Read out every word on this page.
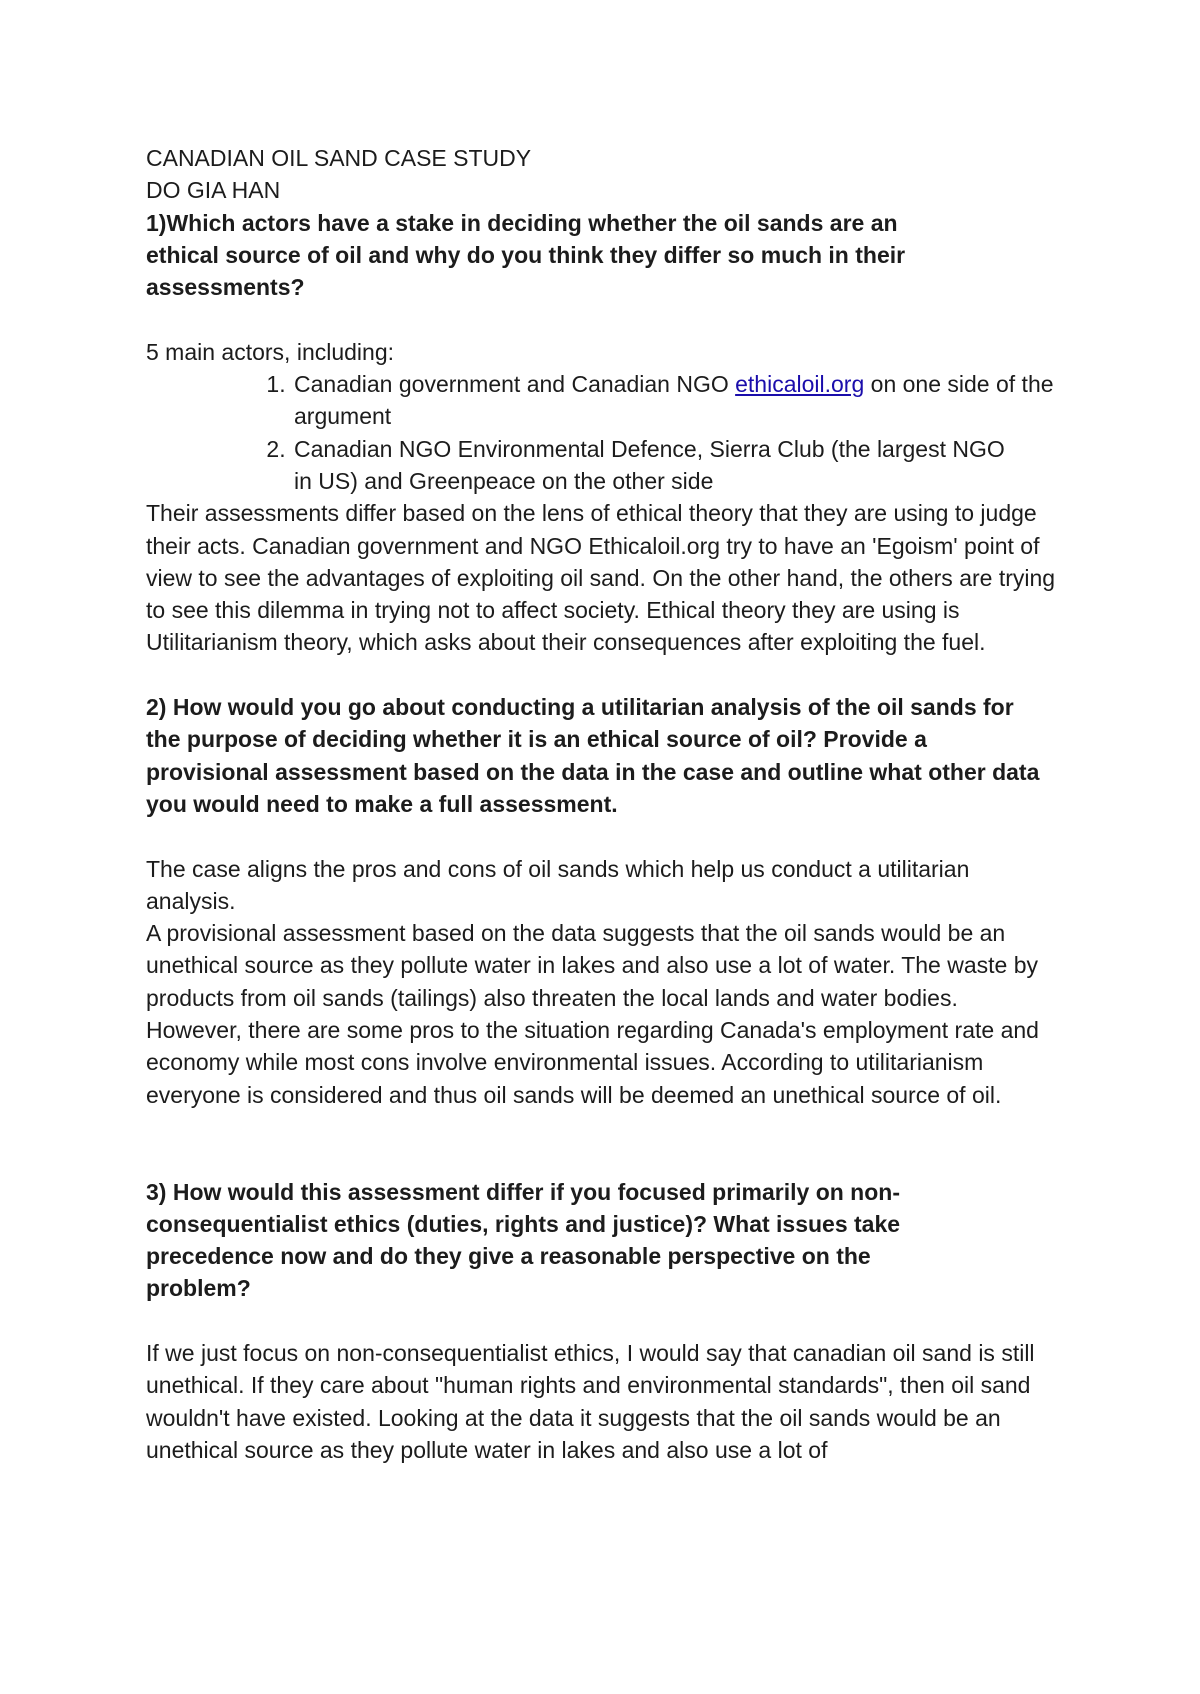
CANADIAN OIL SAND CASE STUDY
DO GIA HAN

1)Which actors have a stake in deciding whether the oil sands are an ethical source of oil and why do you think they differ so much in their assessments?

5 main actors, including:

1. Canadian government and Canadian NGO ethicaloil.org on one side of the argument
2. Canadian NGO Environmental Defence, Sierra Club (the largest NGO in US) and Greenpeace on the other side

Their assessments differ based on the lens of ethical theory that they are using to judge their acts. Canadian government and NGO Ethicaloil.org try to have an 'Egoism' point of view to see the advantages of exploiting oil sand. On the other hand, the others are trying to see this dilemma in trying not to affect society. Ethical theory they are using is Utilitarianism theory, which asks about their consequences after exploiting the fuel.

2) How would you go about conducting a utilitarian analysis of the oil sands for the purpose of deciding whether it is an ethical source of oil? Provide a provisional assessment based on the data in the case and outline what other data you would need to make a full assessment.

The case aligns the pros and cons of oil sands which help us conduct a utilitarian analysis.

A provisional assessment based on the data suggests that the oil sands would be an unethical source as they pollute water in lakes and also use a lot of water. The waste by products from oil sands (tailings) also threaten the local lands and water bodies.

However, there are some pros to the situation regarding Canada's employment rate and economy while most cons involve environmental issues. According to utilitarianism everyone is considered and thus oil sands will be deemed an unethical source of oil.

3) How would this assessment differ if you focused primarily on non-consequentialist ethics (duties, rights and justice)? What issues take precedence now and do they give a reasonable perspective on the problem?

If we just focus on non-consequentialist ethics, I would say that canadian oil sand is still unethical. If they care about "human rights and environmental standards", then oil sand wouldn't have existed. Looking at the data it suggests that the oil sands would be an unethical source as they pollute water in lakes and also use a lot of
